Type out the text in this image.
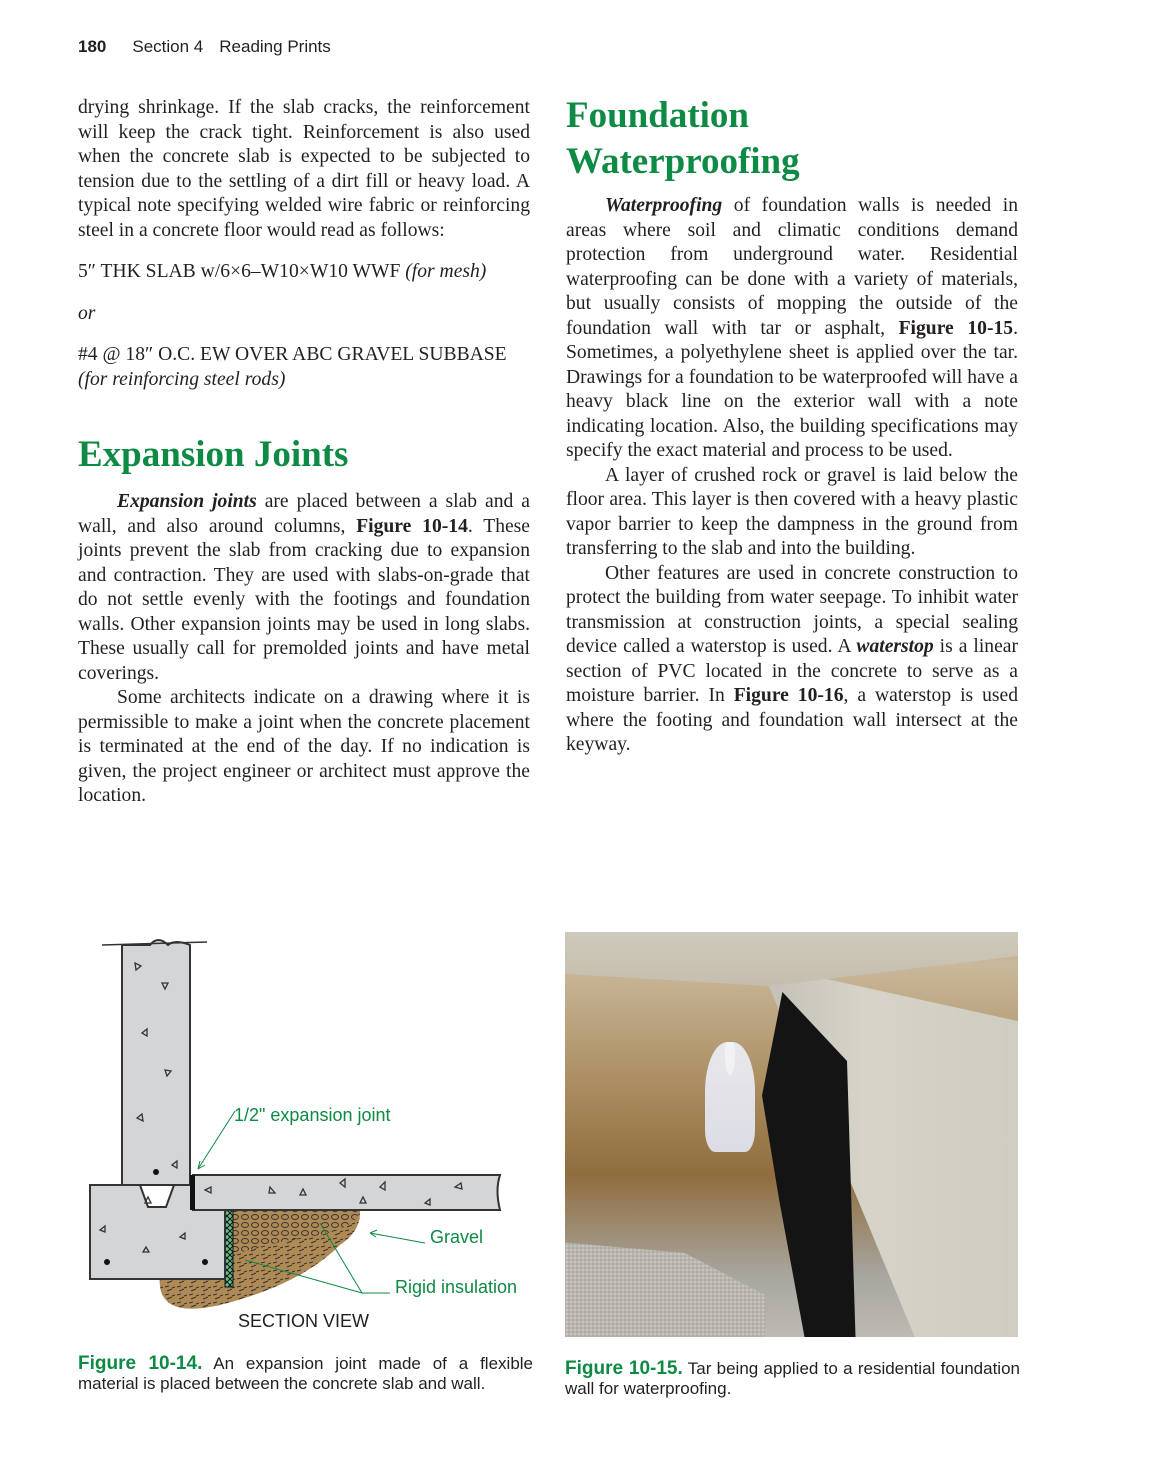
180 Section 4 Reading Prints

drying shrinkage. If the slab cracks, the reinforcement will keep the crack tight. Reinforcement is also used when the concrete slab is expected to be subjected to tension due to the settling of a dirt fill or heavy load. A typical note specifying welded wire fabric or reinforcing steel in a concrete floor would read as follows:

5″ THK SLAB w/6×6–W10×W10 WWF (for mesh)

or

#4 @ 18″ O.C. EW OVER ABC GRAVEL SUBBASE
(for reinforcing steel rods)

Expansion Joints

Expansion joints are placed between a slab and a wall, and also around columns, Figure 10-14. These joints prevent the slab from cracking due to expansion and contraction. They are used with slabs-on-grade that do not settle evenly with the footings and foundation walls. Other expansion joints may be used in long slabs. These usually call for premolded joints and have metal coverings.

Some architects indicate on a drawing where it is permissible to make a joint when the concrete placement is terminated at the end of the day. If no indication is given, the project engineer or architect must approve the location.

Foundation
Waterproofing

Waterproofing of foundation walls is needed in areas where soil and climatic conditions demand protection from underground water. Residential waterproofing can be done with a variety of materials, but usually consists of mopping the outside of the foundation wall with tar or asphalt, Figure 10-15. Sometimes, a polyethylene sheet is applied over the tar. Drawings for a foundation to be waterproofed will have a heavy black line on the exterior wall with a note indicating location. Also, the building specifications may specify the exact material and process to be used.

A layer of crushed rock or gravel is laid below the floor area. This layer is then covered with a heavy plastic vapor barrier to keep the dampness in the ground from transferring to the slab and into the building.

Other features are used in concrete construction to protect the building from water seepage. To inhibit water transmission at construction joints, a special sealing device called a waterstop is used. A waterstop is a linear section of PVC located in the concrete to serve as a moisture barrier. In Figure 10-16, a waterstop is used where the footing and foundation wall intersect at the keyway.

1/2" expansion joint
Gravel
Rigid insulation
SECTION VIEW
Figure 10-14. An expansion joint made of a flexible material is placed between the concrete slab and wall.
Figure 10-15. Tar being applied to a residential foundation wall for waterproofing.
